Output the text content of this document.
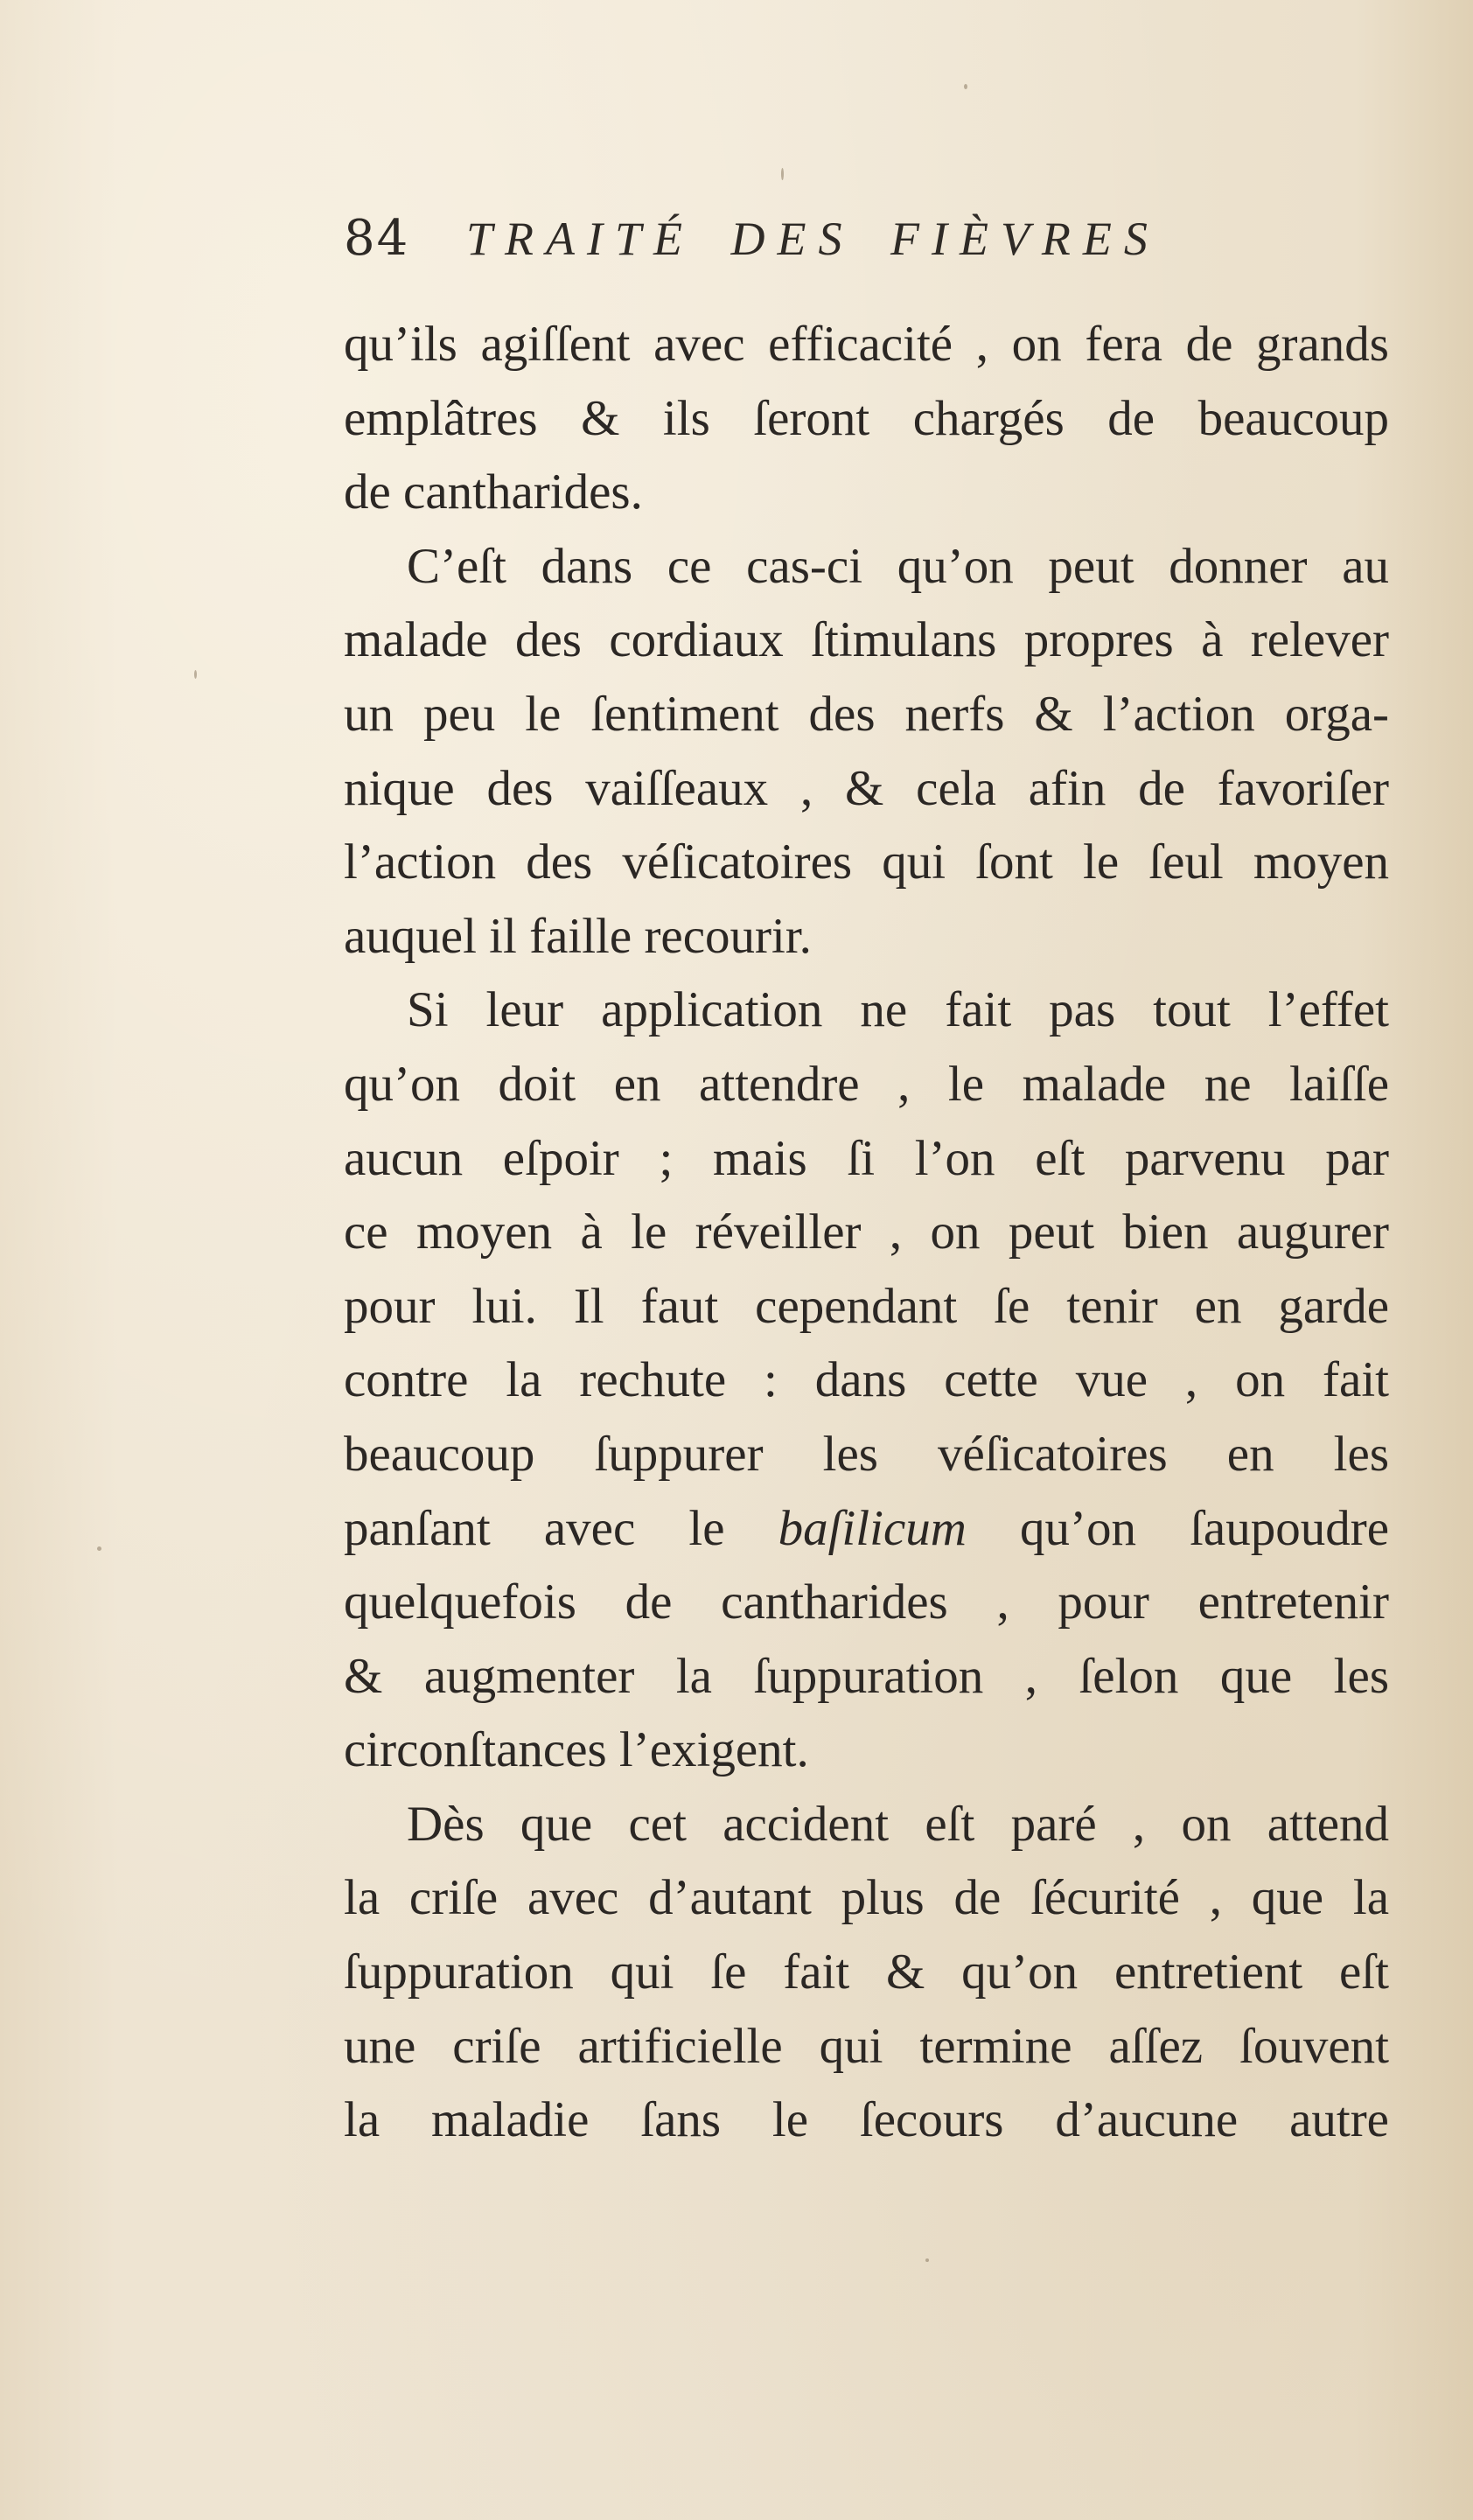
84	TRAITÉ DES FIÈVRES
qu’ils agiſſent avec efficacité , on fera de grands
emplâtres & ils ſeront chargés de beaucoup
de cantharides.
C’eſt dans ce cas-ci qu’on peut donner au
malade des cordiaux ſtimulans propres à relever
un peu le ſentiment des nerfs & l’action orga-
nique des vaiſſeaux , & cela afin de favoriſer
l’action des véſicatoires qui ſont le ſeul moyen
auquel il faille recourir.
Si leur application ne fait pas tout l’effet
qu’on doit en attendre , le malade ne laiſſe
aucun eſpoir ; mais ſi l’on eſt parvenu par
ce moyen à le réveiller , on peut bien augurer
pour lui. Il faut cependant ſe tenir en garde
contre la rechute : dans cette vue , on fait
beaucoup ſuppurer les véſicatoires en les
panſant avec le baſilicum qu’on ſaupoudre
quelquefois de cantharides , pour entretenir
& augmenter la ſuppuration , ſelon que les
circonſtances l’exigent.
Dès que cet accident eſt paré , on attend
la criſe avec d’autant plus de ſécurité , que la
ſuppuration qui ſe fait & qu’on entretient eſt
une criſe artificielle qui termine aſſez ſouvent
la maladie ſans le ſecours d’aucune autre
